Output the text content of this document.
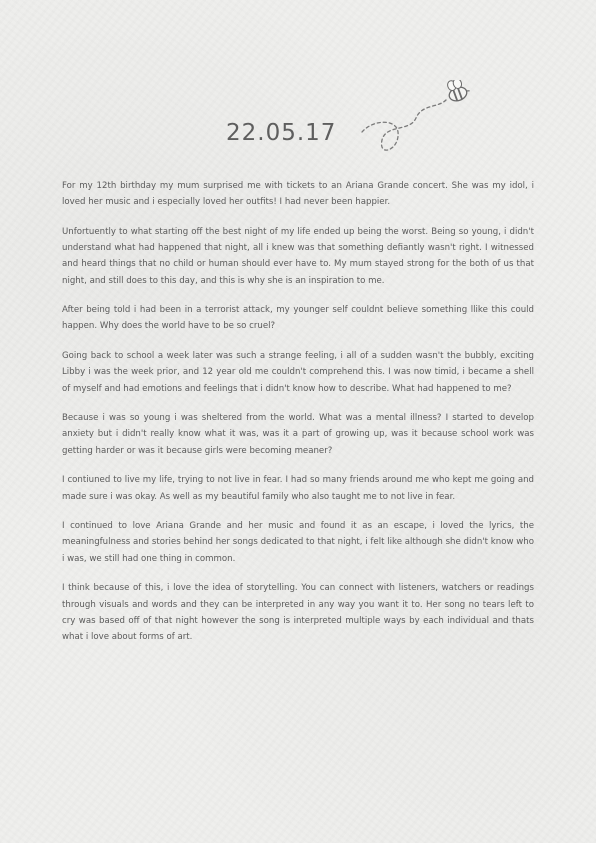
22.05.17

For my 12th birthday my mum surprised me with tickets to an Ariana Grande concert. She was my idol, i loved her music and i especially loved her outfits! I had never been happier.

Unfortuently to what starting off the best night of my life ended up being the worst. Being so young, i didn't understand what had happened that night, all i knew was that something defiantly wasn't right. I witnessed and heard things that no child or human should ever have to. My mum stayed strong for the both of us that night, and still does to this day, and this is why she is an inspiration to me.

After being told i had been in a terrorist attack, my younger self couldnt believe something llike this could happen. Why does the world have to be so cruel?

Going back to school a week later was such a strange feeling, i all of a sudden wasn't the bubbly, exciting Libby i was the week prior, and 12 year old me couldn't comprehend this. I was now timid, i became a shell of myself and had emotions and feelings that i didn't know how to describe. What had happened to me?

Because i was so young i was sheltered from the world. What was a mental illness? I started to develop anxiety but i didn't really know what it was, was it a part of growing up, was it because school work was getting harder or was it because girls were becoming meaner?

I contiuned to live my life, trying to not live in fear. I had so many friends around me who kept me going and made sure i was okay. As well as my beautiful family who also taught me to not live in fear.

I continued to love Ariana Grande and her music and found it as an escape, i loved the lyrics, the meaningfulness and stories behind her songs dedicated to that night, i felt like although she didn't know who i was, we still had one thing in common.

I think because of this, i love the idea of storytelling. You can connect with listeners, watchers or readings through visuals and words and they can be interpreted in any way you want it to. Her song no tears left to cry was based off of that night however the song is interpreted multiple ways by each individual and thats what i love about forms of art.
